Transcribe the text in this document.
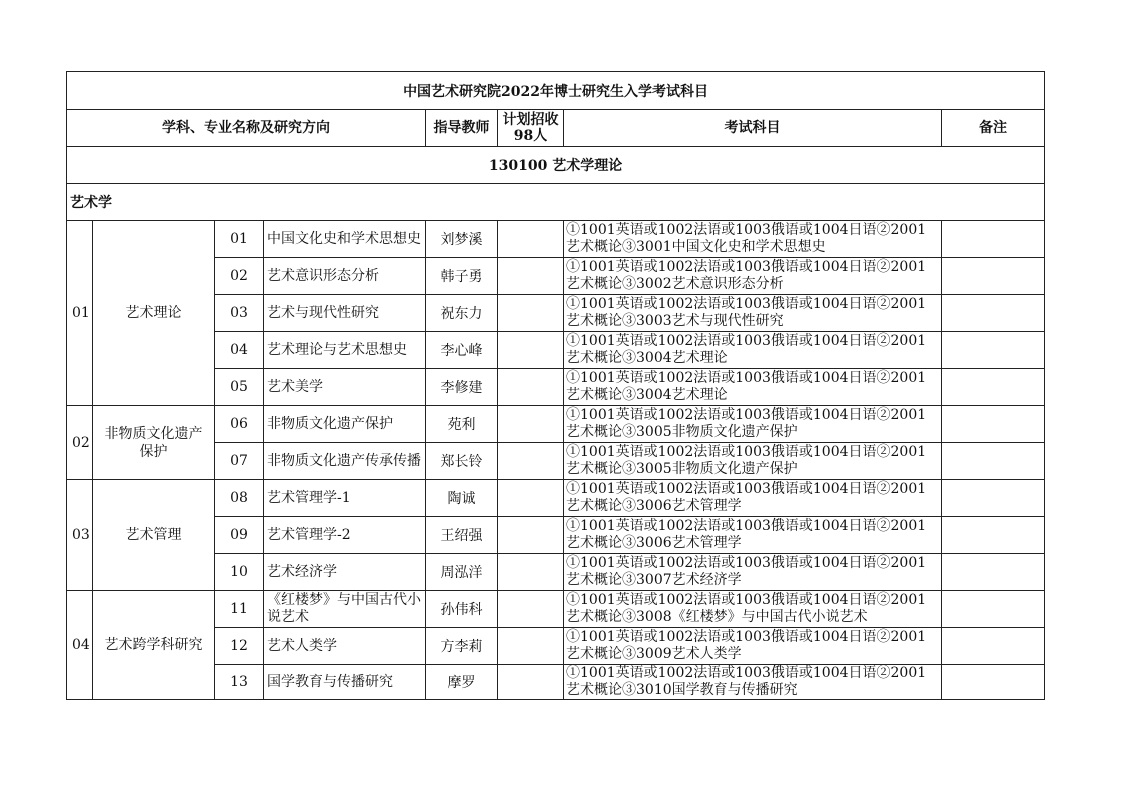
中国艺术研究院2022年博士研究生入学考试科目							
学科、专业名称及研究方向				指导教师	计划招收
98人	考试科目	备注
130100 艺术学理论							
艺术学							
01	艺术理论	01	中国文化史和学术思想史	刘梦溪		①1001英语或1002法语或1003俄语或1004日语②2001艺术概论③3001中国文化史和学术思想史	
		02	艺术意识形态分析	韩子勇		①1001英语或1002法语或1003俄语或1004日语②2001艺术概论③3002艺术意识形态分析	
		03	艺术与现代性研究	祝东力		①1001英语或1002法语或1003俄语或1004日语②2001艺术概论③3003艺术与现代性研究	
		04	艺术理论与艺术思想史	李心峰		①1001英语或1002法语或1003俄语或1004日语②2001艺术概论③3004艺术理论	
		05	艺术美学	李修建		①1001英语或1002法语或1003俄语或1004日语②2001艺术概论③3004艺术理论	
02	非物质文化遗产保护	06	非物质文化遗产保护	苑利		①1001英语或1002法语或1003俄语或1004日语②2001艺术概论③3005非物质文化遗产保护	
		07	非物质文化遗产传承传播	郑长铃		①1001英语或1002法语或1003俄语或1004日语②2001艺术概论③3005非物质文化遗产保护	
03	艺术管理	08	艺术管理学-1	陶诚		①1001英语或1002法语或1003俄语或1004日语②2001艺术概论③3006艺术管理学	
		09	艺术管理学-2	王绍强		①1001英语或1002法语或1003俄语或1004日语②2001艺术概论③3006艺术管理学	
		10	艺术经济学	周泓洋		①1001英语或1002法语或1003俄语或1004日语②2001艺术概论③3007艺术经济学	
04	艺术跨学科研究	11	《红楼梦》与中国古代小说艺术	孙伟科		①1001英语或1002法语或1003俄语或1004日语②2001艺术概论③3008《红楼梦》与中国古代小说艺术	
		12	艺术人类学	方李莉		①1001英语或1002法语或1003俄语或1004日语②2001艺术概论③3009艺术人类学	
		13	国学教育与传播研究	摩罗		①1001英语或1002法语或1003俄语或1004日语②2001艺术概论③3010国学教育与传播研究	
